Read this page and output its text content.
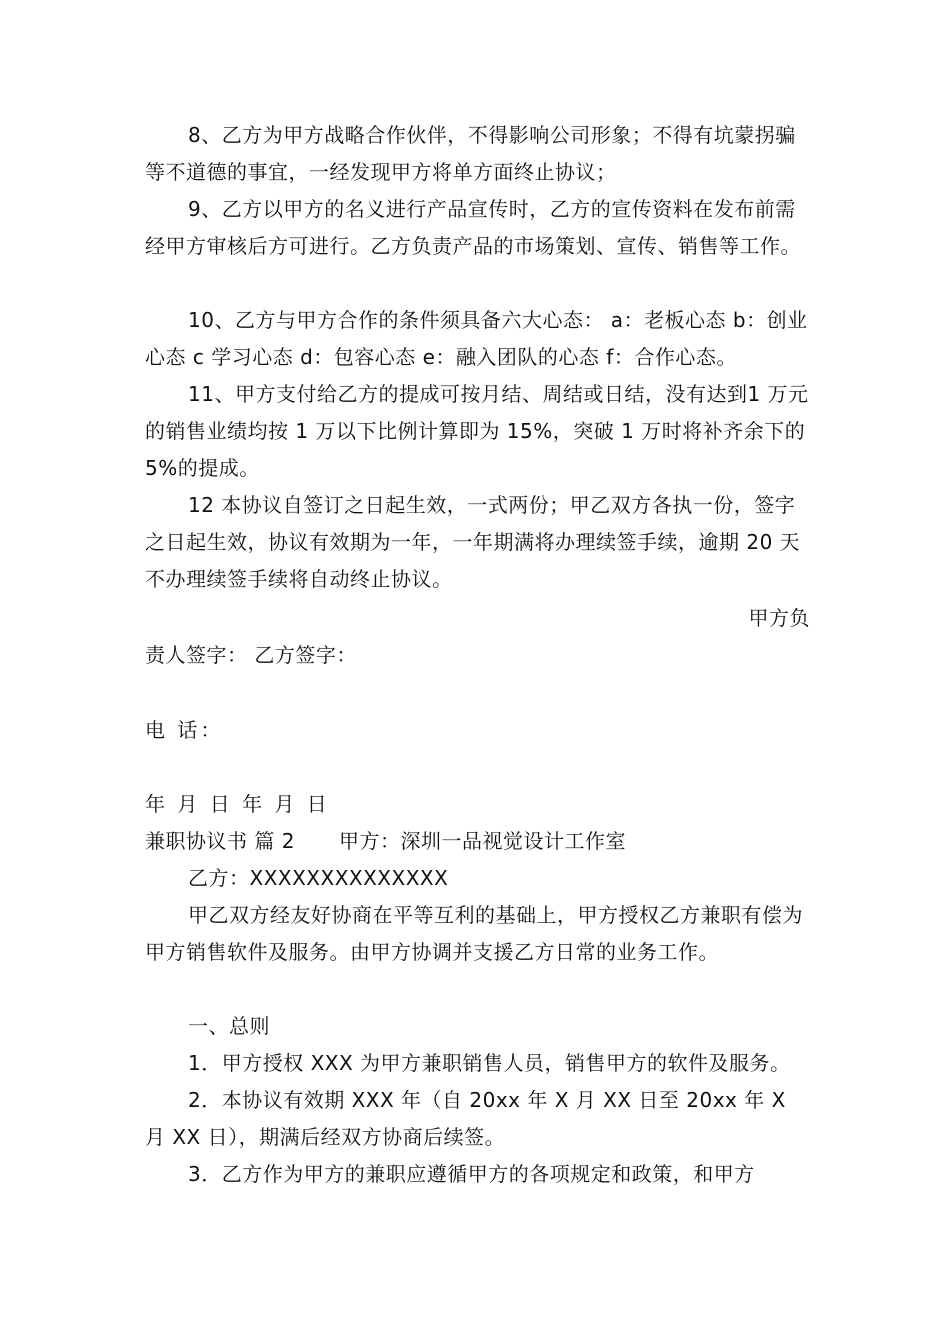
8、乙方为甲方战略合作伙伴，不得影响公司形象；不得有坑蒙拐骗等不道德的事宜，一经发现甲方将单方面终止协议；

9、乙方以甲方的名义进行产品宣传时，乙方的宣传资料在发布前需经甲方审核后方可进行。乙方负责产品的市场策划、宣传、销售等工作。

10、乙方与甲方合作的条件须具备六大心态： a：老板心态 b：创业心态 c 学习心态 d：包容心态 e：融入团队的心态 f：合作心态。

11、甲方支付给乙方的提成可按月结、周结或日结，没有达到1 万元的销售业绩均按 1 万以下比例计算即为 15%，突破 1 万时将补齐余下的 5%的提成。

12 本协议自签订之日起生效，一式两份；甲乙双方各执一份，签字之日起生效，协议有效期为一年，一年期满将办理续签手续，逾期 20 天不办理续签手续将自动终止协议。

甲方负
责人签字： 乙方签字：
电 话：
年 月 日 年 月 日
兼职协议书 篇 2 甲方：深圳一品视觉设计工作室
乙方：XXXXXXXXXXXXXX

甲乙双方经友好协商在平等互利的基础上，甲方授权乙方兼职有偿为甲方销售软件及服务。由甲方协调并支援乙方日常的业务工作。

一、总则

1．甲方授权 XXX 为甲方兼职销售人员，销售甲方的软件及服务。

2．本协议有效期 XXX 年（自 20xx 年 X 月 XX 日至 20xx 年 X 月 XX 日），期满后经双方协商后续签。

3．乙方作为甲方的兼职应遵循甲方的各项规定和政策，和甲方
